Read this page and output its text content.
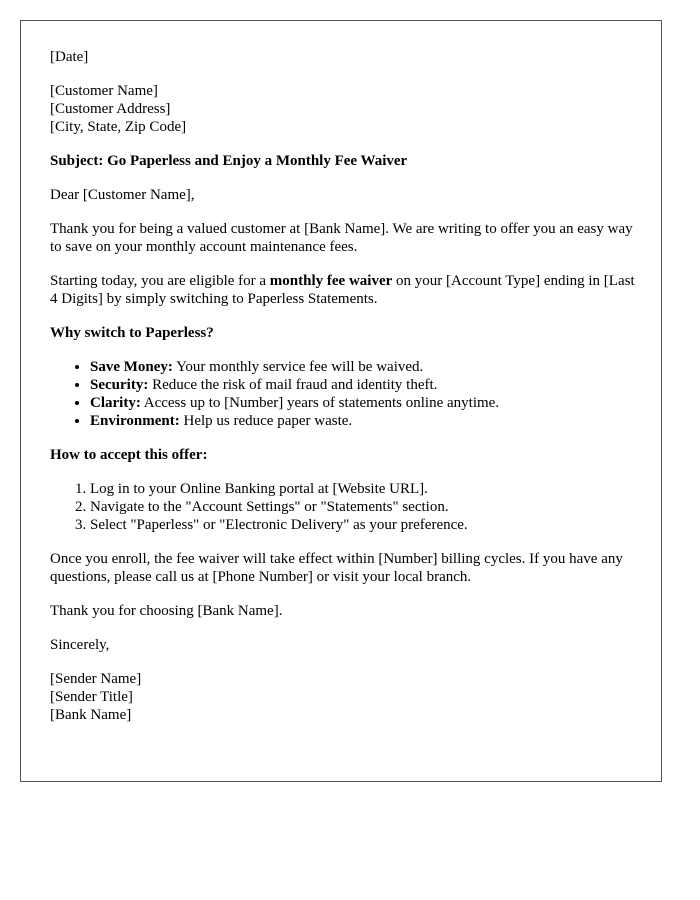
[Date]

[Customer Name]
[Customer Address]
[City, State, Zip Code]

Subject: Go Paperless and Enjoy a Monthly Fee Waiver

Dear [Customer Name],

Thank you for being a valued customer at [Bank Name]. We are writing to offer you an easy way to save on your monthly account maintenance fees.

Starting today, you are eligible for a monthly fee waiver on your [Account Type] ending in [Last 4 Digits] by simply switching to Paperless Statements.

Why switch to Paperless?

• Save Money: Your monthly service fee will be waived.
• Security: Reduce the risk of mail fraud and identity theft.
• Clarity: Access up to [Number] years of statements online anytime.
• Environment: Help us reduce paper waste.

How to accept this offer:

1. Log in to your Online Banking portal at [Website URL].
2. Navigate to the "Account Settings" or "Statements" section.
3. Select "Paperless" or "Electronic Delivery" as your preference.

Once you enroll, the fee waiver will take effect within [Number] billing cycles. If you have any questions, please call us at [Phone Number] or visit your local branch.

Thank you for choosing [Bank Name].

Sincerely,

[Sender Name]
[Sender Title]
[Bank Name]
